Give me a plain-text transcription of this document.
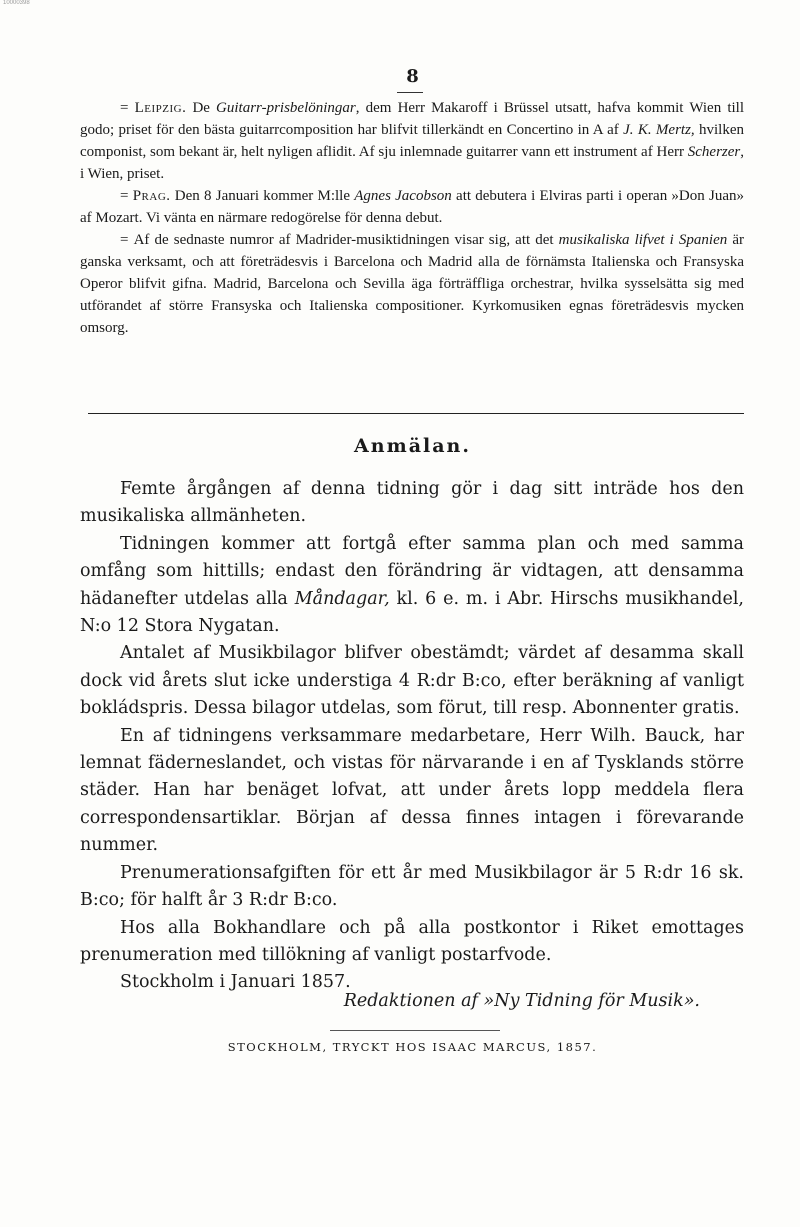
10000398
8

= Leipzig. De Guitarr-prisbelöningar, dem Herr Makaroff i Brüssel utsatt, hafva kommit Wien till godo; priset för den bästa guitarrcomposition har blifvit tillerkändt en Concertino in A af J. K. Mertz, hvilken componist, som bekant är, helt nyligen aflidit. Af sju inlemnade guitarrer vann ett instrument af Herr Scherzer, i Wien, priset.

= Prag. Den 8 Januari kommer M:lle Agnes Jacobson att debutera i Elviras parti i operan »Don Juan» af Mozart. Vi vänta en närmare redogörelse för denna debut.

= Af de sednaste numror af Madrider-musiktidningen visar sig, att det musikaliska lifvet i Spanien är ganska verksamt, och att företrädesvis i Barcelona och Madrid alla de förnämsta Italienska och Fransyska Operor blifvit gifna. Madrid, Barcelona och Sevilla äga förträffliga orchestrar, hvilka sysselsätta sig med utförandet af större Fransyska och Italienska compositioner. Kyrkomusiken egnas företrädesvis mycken omsorg.

Anmälan.

Femte årgången af denna tidning gör i dag sitt inträde hos den musikaliska allmänheten.

Tidningen kommer att fortgå efter samma plan och med samma omfång som hittills; endast den förändring är vidtagen, att densamma hädanefter utdelas alla Måndagar, kl. 6 e. m. i Abr. Hirschs musikhandel, N:o 12 Stora Nygatan.

Antalet af Musikbilagor blifver obestämdt; värdet af desamma skall dock vid årets slut icke understiga 4 R:dr B:co, efter beräkning af vanligt bokládspris. Dessa bilagor utdelas, som förut, till resp. Abonnenter gratis.

En af tidningens verksammare medarbetare, Herr Wilh. Bauck, har lemnat fäderneslandet, och vistas för närvarande i en af Tysklands större städer. Han har benäget lofvat, att under årets lopp meddela flera correspondensartiklar. Början af dessa finnes intagen i förevarande nummer.

Prenumerationsafgiften för ett år med Musikbilagor är 5 R:dr 16 sk. B:co; för halft år 3 R:dr B:co.

Hos alla Bokhandlare och på alla postkontor i Riket emottages prenumeration med tillökning af vanligt postarfvode.

Stockholm i Januari 1857.

Redaktionen af »Ny Tidning för Musik».
STOCKHOLM, TRYCKT HOS ISAAC MARCUS, 1857.
